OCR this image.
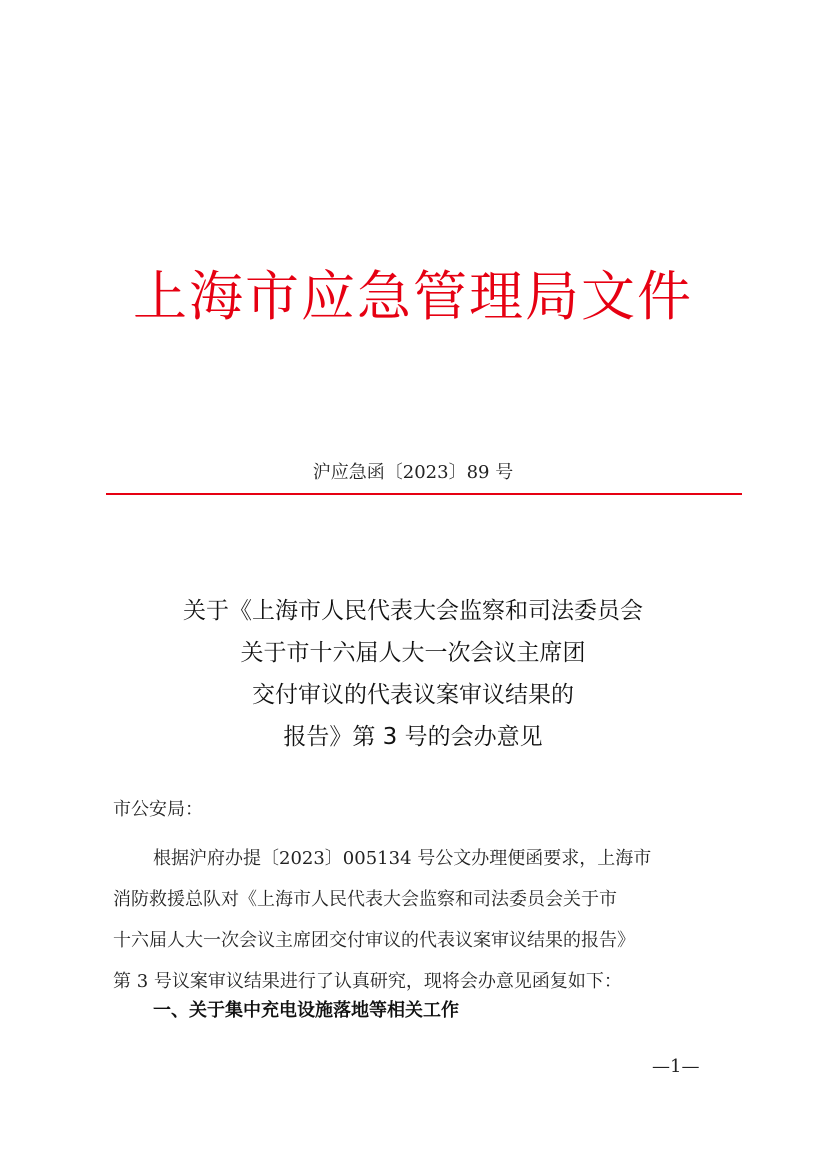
上海市应急管理局文件
沪应急函〔2023〕89 号
关于《上海市人民代表大会监察和司法委员会
关于市十六届人大一次会议主席团
交付审议的代表议案审议结果的
报告》第 3 号的会办意见
市公安局：
根据沪府办提〔2023〕005134 号公文办理便函要求，上海市
消防救援总队对《上海市人民代表大会监察和司法委员会关于市
十六届人大一次会议主席团交付审议的代表议案审议结果的报告》
第 3 号议案审议结果进行了认真研究，现将会办意见函复如下：
一、关于集中充电设施落地等相关工作
—1—
